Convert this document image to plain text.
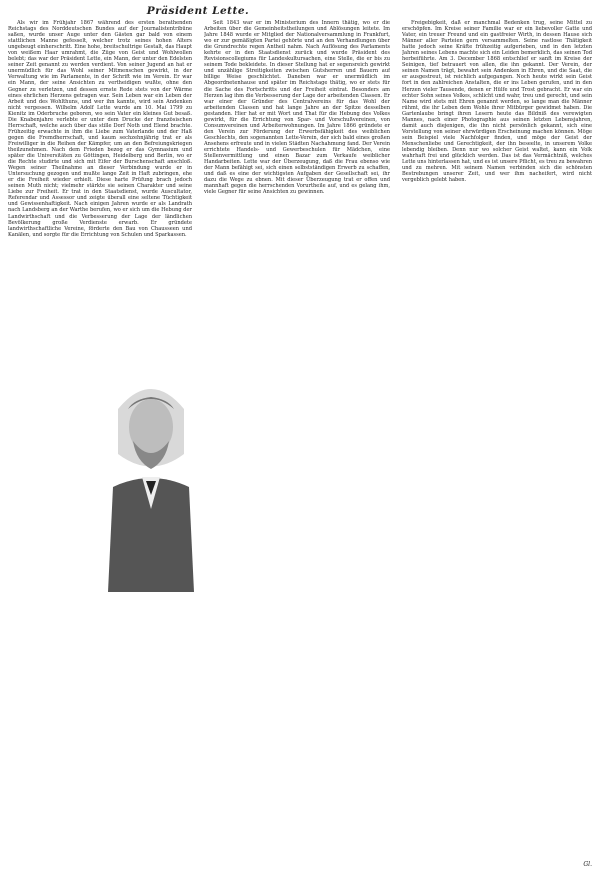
Präsident Lette.

Als wir im Frühjahr 1867 während des ersten berathenden Reichstags des Norddeutschen Bundes auf der Journalistentribüne saßen, wurde unser Auge unter den Gästen gar bald von einem stattlichen Manne gefesselt, welcher trotz seines hohen Alters ungebeugt einherschritt. Eine hohe, breitschultrige Gestalt, das Haupt von weißem Haar umrahmt, die Züge von Geist und Wohlwollen belebt; das war der Präsident Lette, ein Mann, der unter den Edelsten seiner Zeit genannt zu werden verdient. Von seiner Jugend an hat er unermüdlich für das Wohl seiner Mitmenschen gewirkt, in der Verwaltung wie im Parlamente, in der Schrift wie im Verein. Er war ein Mann, der seine Ansichten zu vertheidigen wußte, ohne den Gegner zu verletzen, und dessen ernste Rede stets von der Wärme eines ehrlichen Herzens getragen war. Sein Leben war ein Leben der Arbeit und des Wohlthuns, und wer ihn kannte, wird sein Andenken nicht vergessen. Wilhelm Adolf Lette wurde am 10. Mai 1799 zu Kienitz im Oderbruche geboren, wo sein Vater ein kleines Gut besaß. Die Knabenjahre verlebte er unter dem Drucke der französischen Herrschaft, welche auch über das stille Dorf Noth und Elend brachte. Frühzeitig erwachte in ihm die Liebe zum Vaterlande und der Haß gegen die Fremdherrschaft, und kaum sechzehnjährig trat er als Freiwilliger in die Reihen der Kämpfer, um an den Befreiungskriegen theilzunehmen. Nach dem Frieden bezog er das Gymnasium und später die Universitäten zu Göttingen, Heidelberg und Berlin, wo er die Rechte studirte und sich mit Eifer der Burschenschaft anschloß. Wegen seiner Theilnahme an dieser Verbindung wurde er in Untersuchung gezogen und mußte lange Zeit in Haft zubringen, ehe er die Freiheit wieder erhielt. Diese harte Prüfung brach jedoch seinen Muth nicht; vielmehr stärkte sie seinen Charakter und seine Liebe zur Freiheit. Er trat in den Staatsdienst, wurde Auscultator, Referendar und Assessor und zeigte überall eine seltene Tüchtigkeit und Gewissenhaftigkeit. Nach einigen Jahren wurde er als Landrath nach Landsberg an der Warthe berufen, wo er sich um die Hebung der Landwirthschaft und die Verbesserung der Lage der ländlichen Bevölkerung große Verdienste erwarb. Er gründete landwirthschaftliche Vereine, förderte den Bau von Chausseen und Kanälen, und sorgte für die Errichtung von Schulen und Sparkassen.

Seit 1843 war er im Ministerium des Innern thätig, wo er die Arbeiten über die Gemeinheitstheilungen und Ablösungen leitete. Im Jahre 1848 wurde er Mitglied der Nationalversammlung in Frankfurt, wo er zur gemäßigten Partei gehörte und an den Verhandlungen über die Grundrechte regen Antheil nahm. Nach Auflösung des Parlaments kehrte er in den Staatsdienst zurück und wurde Präsident des Revisionscollegiums für Landeskultursachen, eine Stelle, die er bis zu seinem Tode bekleidete. In dieser Stellung hat er segensreich gewirkt und unzählige Streitigkeiten zwischen Gutsherren und Bauern auf billige Weise geschlichtet. Daneben war er unermüdlich im Abgeordnetenhause und später im Reichstage thätig, wo er stets für die Sache des Fortschritts und der Freiheit eintrat. Besonders am Herzen lag ihm die Verbesserung der Lage der arbeitenden Classen. Er war einer der Gründer des Centralvereins für das Wohl der arbeitenden Classen und hat lange Jahre an der Spitze desselben gestanden. Hier hat er mit Wort und That für die Hebung des Volkes gewirkt, für die Errichtung von Spar- und Vorschußvereinen, von Consumvereinen und Arbeiterwohnungen. Im Jahre 1866 gründete er den Verein zur Förderung der Erwerbsfähigkeit des weiblichen Geschlechts, den sogenannten Lette-Verein, der sich bald eines großen Ansehens erfreute und in vielen Städten Nachahmung fand. Der Verein errichtete Handels- und Gewerbeschulen für Mädchen, eine Stellenvermittlung und einen Bazar zum Verkaufe weiblicher Handarbeiten. Lette war der Überzeugung, daß die Frau ebenso wie der Mann befähigt sei, sich einen selbstständigen Erwerb zu schaffen, und daß es eine der wichtigsten Aufgaben der Gesellschaft sei, ihr dazu die Wege zu ebnen. Mit dieser Überzeugung trat er offen und mannhaft gegen die herrschenden Vorurtheile auf, und es gelang ihm, viele Gegner für seine Ansichten zu gewinnen.

Freigebigkeit, daß er manchmal Bedenken trug, seine Mittel zu erschöpfen. Im Kreise seiner Familie war er ein liebevoller Gatte und Vater, ein treuer Freund und ein gastfreier Wirth, in dessen Hause sich Männer aller Parteien gern versammelten. Seine rastlose Thätigkeit hatte jedoch seine Kräfte frühzeitig aufgerieben, und in den letzten Jahren seines Lebens machte sich ein Leiden bemerklich, das seinen Tod herbeiführte. Am 3. December 1868 entschlief er sanft im Kreise der Seinigen, tief betrauert von allen, die ihn gekannt. Der Verein, der seinen Namen trägt, bewahrt sein Andenken in Ehren, und die Saat, die er ausgestreut, ist reichlich aufgegangen. Noch heute wirkt sein Geist fort in den zahlreichen Anstalten, die er ins Leben gerufen, und in den Herzen vieler Tausende, denen er Hülfe und Trost gebracht. Er war ein echter Sohn seines Volkes, schlicht und wahr, treu und gerecht, und sein Name wird stets mit Ehren genannt werden, so lange man die Männer rühmt, die ihr Leben dem Wohle ihrer Mitbürger gewidmet haben. Die Gartenlaube bringt ihren Lesern heute das Bildniß des verewigten Mannes, nach einer Photographie aus seinen letzten Lebensjahren, damit auch diejenigen, die ihn nicht persönlich gekannt, sich eine Vorstellung von seiner ehrwürdigen Erscheinung machen können. Möge sein Beispiel viele Nachfolger finden, und möge der Geist der Menschenliebe und Gerechtigkeit, der ihn beseelte, in unserem Volke lebendig bleiben. Denn nur wo solcher Geist waltet, kann ein Volk wahrhaft frei und glücklich werden. Das ist das Vermächtniß, welches Lette uns hinterlassen hat, und es ist unsere Pflicht, es treu zu bewahren und zu mehren. Mit seinem Namen verbinden sich die schönsten Bestrebungen unserer Zeit, und wer ihm nacheifert, wird nicht vergeblich gelebt haben.

Gl.
